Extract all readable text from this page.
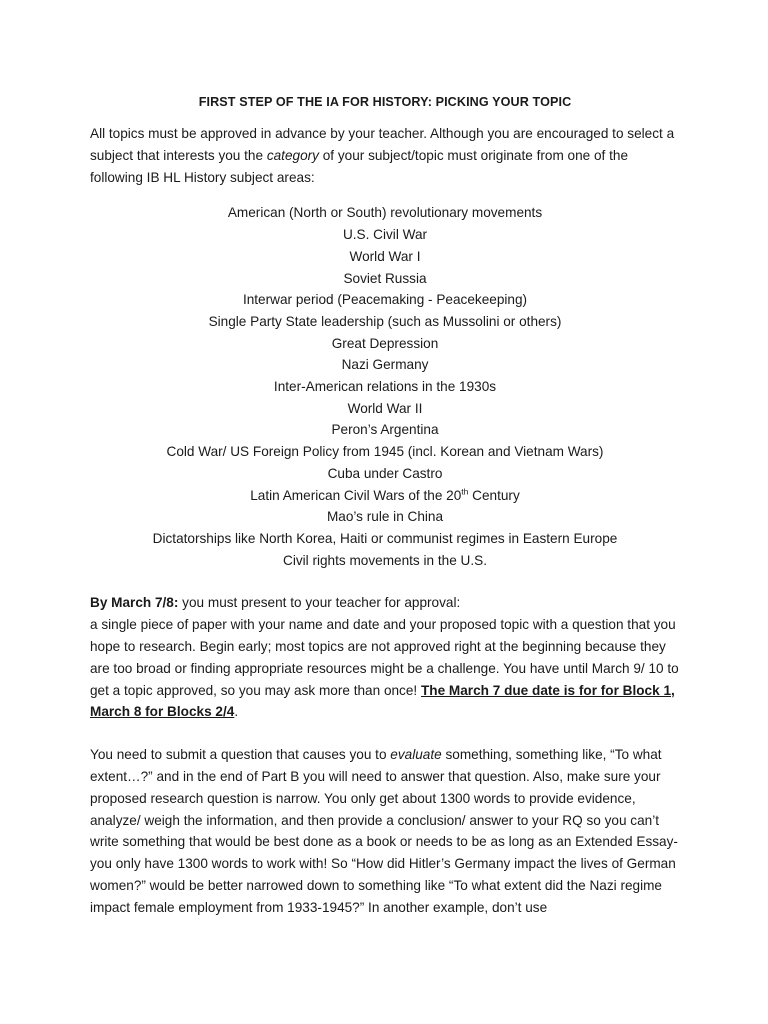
FIRST STEP OF THE IA FOR HISTORY: PICKING YOUR TOPIC

All topics must be approved in advance by your teacher. Although you are encouraged to select a subject that interests you the category of your subject/topic must originate from one of the following IB HL History subject areas:

American (North or South) revolutionary movements
U.S. Civil War
World War I
Soviet Russia
Interwar period (Peacemaking - Peacekeeping)
Single Party State leadership (such as Mussolini or others)
Great Depression
Nazi Germany
Inter-American relations in the 1930s
World War II
Peron’s Argentina
Cold War/ US Foreign Policy from 1945 (incl. Korean and Vietnam Wars)
Cuba under Castro
Latin American Civil Wars of the 20th Century
Mao’s rule in China
Dictatorships like North Korea, Haiti or communist regimes in Eastern Europe
Civil rights movements in the U.S.

By March 7/8: you must present to your teacher for approval:

a single piece of paper with your name and date and your proposed topic with a question that you hope to research. Begin early; most topics are not approved right at the beginning because they are too broad or finding appropriate resources might be a challenge. You have until March 9/ 10 to get a topic approved, so you may ask more than once! The March 7 due date is for for Block 1, March 8 for Blocks 2/4.

You need to submit a question that causes you to evaluate something, something like, “To what extent…?” and in the end of Part B you will need to answer that question. Also, make sure your proposed research question is narrow. You only get about 1300 words to provide evidence, analyze/ weigh the information, and then provide a conclusion/ answer to your RQ so you can’t write something that would be best done as a book or needs to be as long as an Extended Essay- you only have 1300 words to work with! So “How did Hitler’s Germany impact the lives of German women?” would be better narrowed down to something like “To what extent did the Nazi regime impact female employment from 1933-1945?” In another example, don’t use
